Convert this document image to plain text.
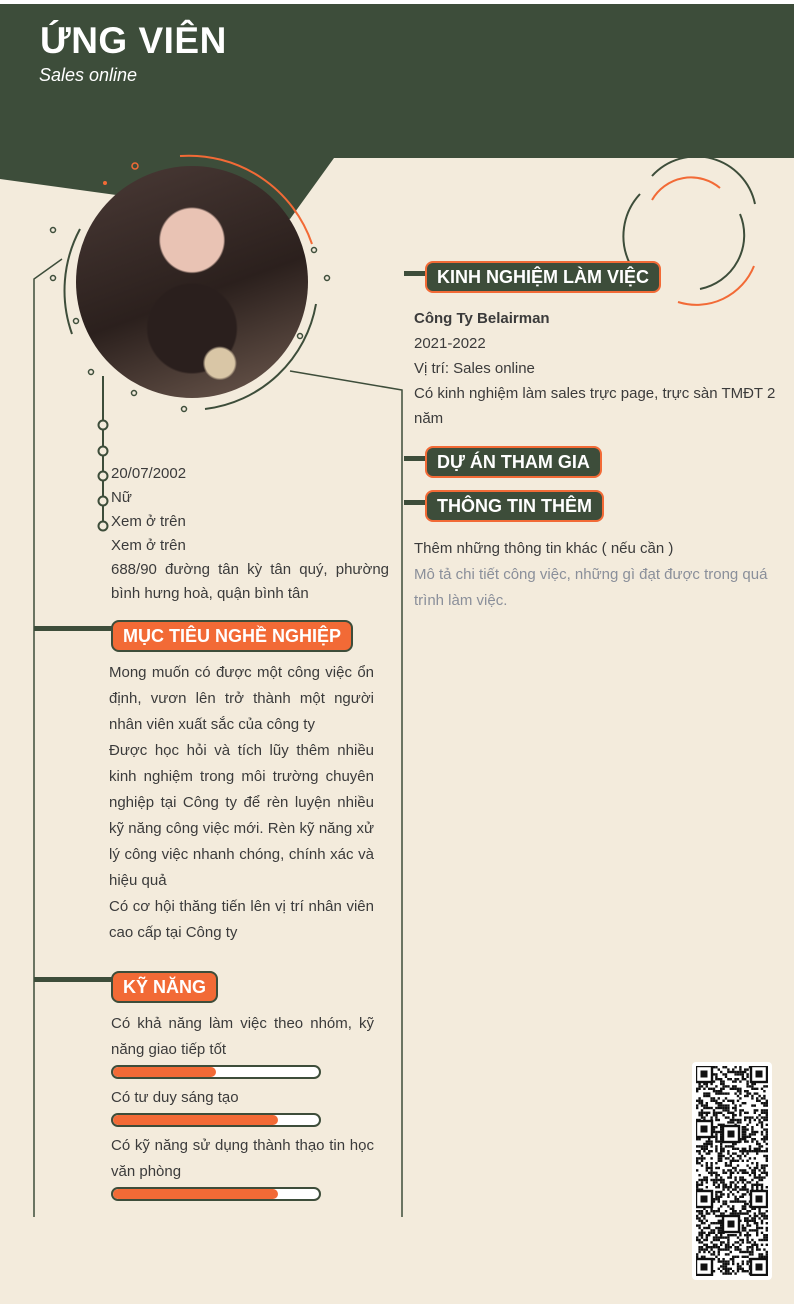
ỨNG VIÊN
Sales online
20/07/2002
Nữ
Xem ở trên
Xem ở trên
688/90 đường tân kỳ tân quý, phường bình hưng hoà, quận bình tân
MỤC TIÊU NGHỀ NGHIỆP
Mong muốn có được một công việc ổn định, vươn lên trở thành một người nhân viên xuất sắc của công ty
Được học hỏi và tích lũy thêm nhiều kinh nghiệm trong môi trường chuyên nghiệp tại Công ty để rèn luyện nhiều kỹ năng công việc mới. Rèn kỹ năng xử lý công việc nhanh chóng, chính xác và hiệu quả
Có cơ hội thăng tiến lên vị trí nhân viên cao cấp tại Công ty
KỸ NĂNG
Có khả năng làm việc theo nhóm, kỹ năng giao tiếp tốt
Có tư duy sáng tạo
Có kỹ năng sử dụng thành thạo tin học văn phòng
KINH NGHIỆM LÀM VIỆC
Công Ty Belairman
2021-2022
Vị trí: Sales online
Có kinh nghiệm làm sales trực page, trực sàn TMĐT 2 năm
DỰ ÁN THAM GIA
THÔNG TIN THÊM
Thêm những thông tin khác ( nếu cần )
Mô tả chi tiết công việc, những gì đạt được trong quá trình làm việc.
